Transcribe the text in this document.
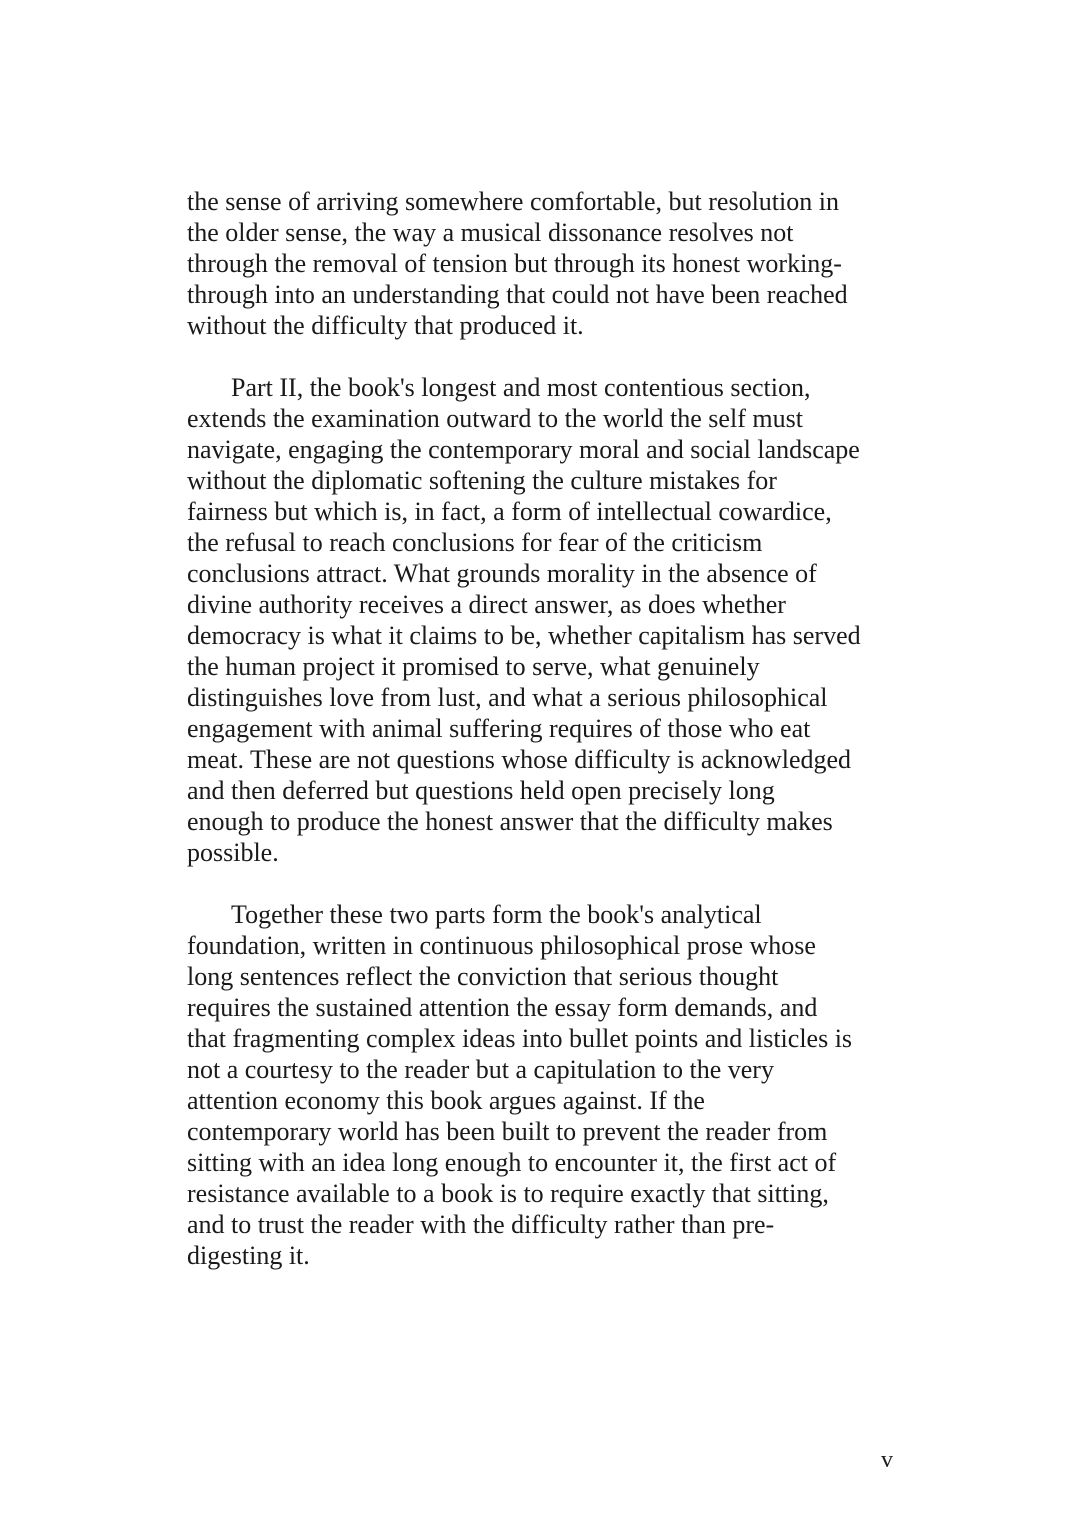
the sense of arriving somewhere comfortable, but resolution in
the older sense, the way a musical dissonance resolves not
through the removal of tension but through its honest working-
through into an understanding that could not have been reached
without the difficulty that produced it.

Part II, the book's longest and most contentious section,
extends the examination outward to the world the self must
navigate, engaging the contemporary moral and social landscape
without the diplomatic softening the culture mistakes for
fairness but which is, in fact, a form of intellectual cowardice,
the refusal to reach conclusions for fear of the criticism
conclusions attract. What grounds morality in the absence of
divine authority receives a direct answer, as does whether
democracy is what it claims to be, whether capitalism has served
the human project it promised to serve, what genuinely
distinguishes love from lust, and what a serious philosophical
engagement with animal suffering requires of those who eat
meat. These are not questions whose difficulty is acknowledged
and then deferred but questions held open precisely long
enough to produce the honest answer that the difficulty makes
possible.

Together these two parts form the book's analytical
foundation, written in continuous philosophical prose whose
long sentences reflect the conviction that serious thought
requires the sustained attention the essay form demands, and
that fragmenting complex ideas into bullet points and listicles is
not a courtesy to the reader but a capitulation to the very
attention economy this book argues against. If the
contemporary world has been built to prevent the reader from
sitting with an idea long enough to encounter it, the first act of
resistance available to a book is to require exactly that sitting,
and to trust the reader with the difficulty rather than pre-
digesting it.

v
